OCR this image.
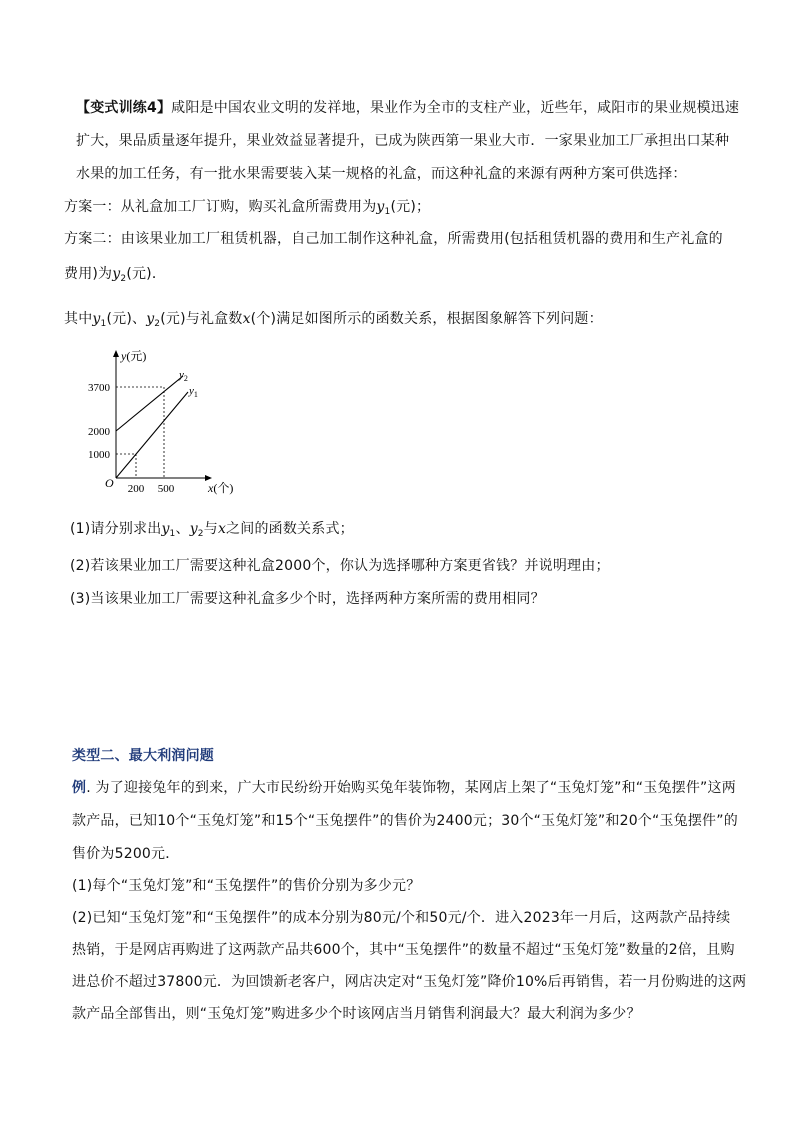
【变式训练4】咸阳是中国农业文明的发祥地，果业作为全市的支柱产业，近些年，咸阳市的果业规模迅速
扩大，果品质量逐年提升，果业效益显著提升，已成为陕西第一果业大市．一家果业加工厂承担出口某种
水果的加工任务，有一批水果需要装入某一规格的礼盒，而这种礼盒的来源有两种方案可供选择：
方案一：从礼盒加工厂订购，购买礼盒所需费用为$y_1$(元)；
方案二：由该果业加工厂租赁机器，自己加工制作这种礼盒，所需费用(包括租赁机器的费用和生产礼盒的
费用)为$y_2$(元)．
其中$y_1$(元)、$y_2$(元)与礼盒数x(个)满足如图所示的函数关系，根据图象解答下列问题：
y(元)
3700
2000
1000
O 200 500	x(个)
$y_2$
$y_1$
(1)请分别求出$y_1$、$y_2$与x之间的函数关系式；
(2)若该果业加工厂需要这种礼盒2000个，你认为选择哪种方案更省钱？并说明理由；
(3)当该果业加工厂需要这种礼盒多少个时，选择两种方案所需的费用相同？
类型二、最大利润问题
例. 为了迎接兔年的到来，广大市民纷纷开始购买兔年装饰物，某网店上架了“玉兔灯笼”和“玉兔摆件”这两
款产品，已知10个“玉兔灯笼”和15个“玉兔摆件”的售价为2400元；30个“玉兔灯笼”和20个“玉兔摆件”的
售价为5200元．
(1)每个“玉兔灯笼”和“玉兔摆件”的售价分别为多少元？
(2)已知“玉兔灯笼”和“玉兔摆件”的成本分别为80元/个和50元/个．进入2023年一月后，这两款产品持续
热销，于是网店再购进了这两款产品共600个，其中“玉兔摆件”的数量不超过“玉兔灯笼”数量的2倍，且购
进总价不超过37800元．为回馈新老客户，网店决定对“玉兔灯笼”降价10%后再销售，若一月份购进的这两
款产品全部售出，则“玉兔灯笼”购进多少个时该网店当月销售利润最大？最大利润为多少？
